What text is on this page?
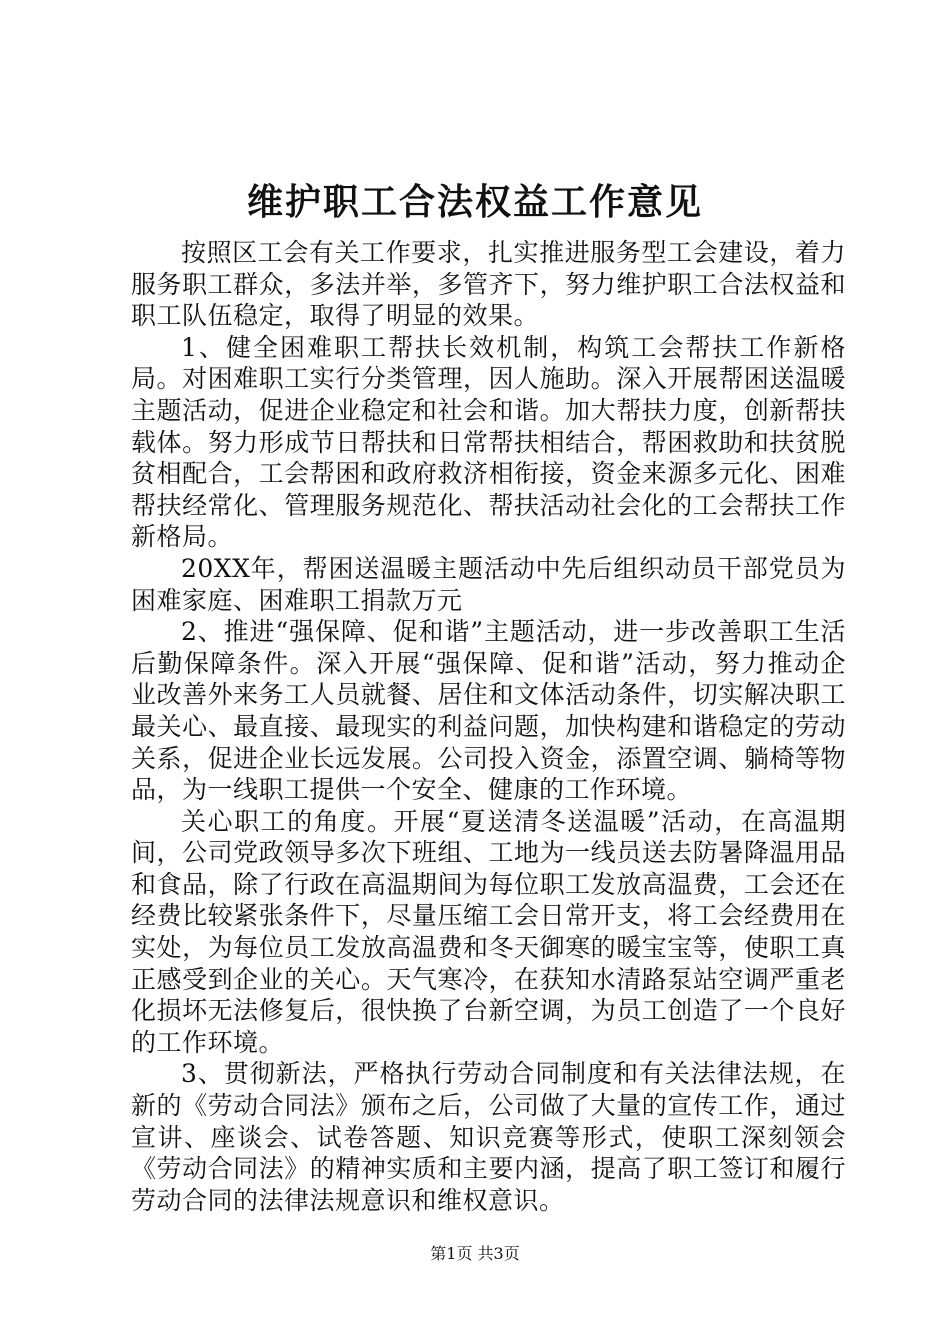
维护职工合法权益工作意见

按照区工会有关工作要求，扎实推进服务型工会建设，着力服务职工群众，多法并举，多管齐下，努力维护职工合法权益和职工队伍稳定，取得了明显的效果。

1、健全困难职工帮扶长效机制，构筑工会帮扶工作新格局。对困难职工实行分类管理，因人施助。深入开展帮困送温暖主题活动，促进企业稳定和社会和谐。加大帮扶力度，创新帮扶载体。努力形成节日帮扶和日常帮扶相结合，帮困救助和扶贫脱贫相配合，工会帮困和政府救济相衔接，资金来源多元化、困难帮扶经常化、管理服务规范化、帮扶活动社会化的工会帮扶工作新格局。

20XX年，帮困送温暖主题活动中先后组织动员干部党员为困难家庭、困难职工捐款万元

2、推进“强保障、促和谐”主题活动，进一步改善职工生活后勤保障条件。深入开展“强保障、促和谐”活动，努力推动企业改善外来务工人员就餐、居住和文体活动条件，切实解决职工最关心、最直接、最现实的利益问题，加快构建和谐稳定的劳动关系，促进企业长远发展。公司投入资金，添置空调、躺椅等物品，为一线职工提供一个安全、健康的工作环境。

关心职工的角度。开展“夏送清冬送温暖”活动，在高温期间，公司党政领导多次下班组、工地为一线员送去防暑降温用品和食品，除了行政在高温期间为每位职工发放高温费，工会还在经费比较紧张条件下，尽量压缩工会日常开支，将工会经费用在实处，为每位员工发放高温费和冬天御寒的暖宝宝等，使职工真正感受到企业的关心。天气寒冷，在获知水清路泵站空调严重老化损坏无法修复后，很快换了台新空调，为员工创造了一个良好的工作环境。

3、贯彻新法，严格执行劳动合同制度和有关法律法规，在新的《劳动合同法》颁布之后，公司做了大量的宣传工作，通过宣讲、座谈会、试卷答题、知识竞赛等形式，使职工深刻领会《劳动合同法》的精神实质和主要内涵，提高了职工签订和履行劳动合同的法律法规意识和维权意识。

第1页 共3页
